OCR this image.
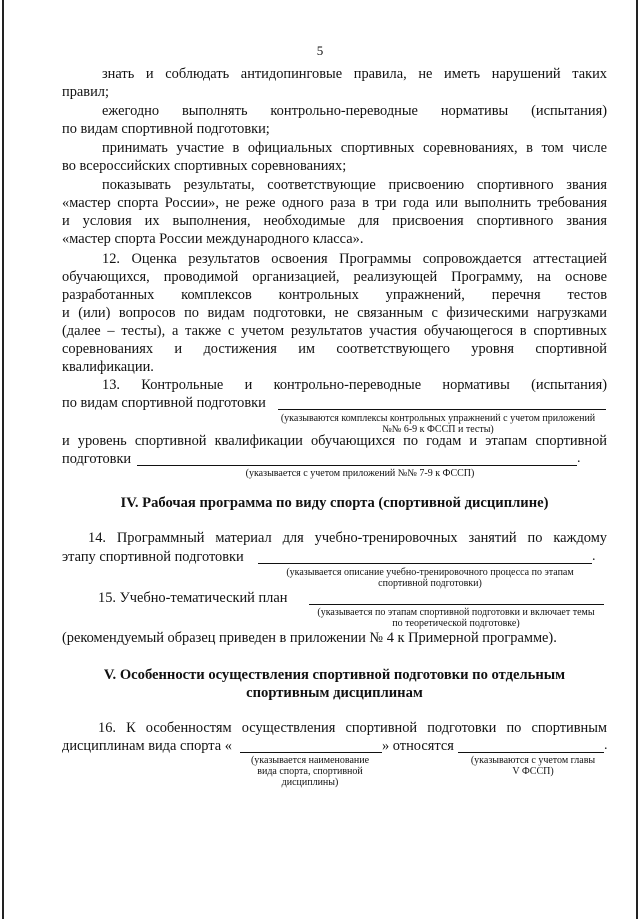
5
знать и соблюдать антидопинговые правила, не иметь нарушений таких
правил;
ежегодно выполнять контрольно-переводные нормативы (испытания)
по видам спортивной подготовки;
принимать участие в официальных спортивных соревнованиях, в том числе
во всероссийских спортивных соревнованиях;
показывать результаты, соответствующие присвоению спортивного звания
«мастер спорта России», не реже одного раза в три года или выполнить требования
и условия их выполнения, необходимые для присвоения спортивного звания
«мастер спорта России международного класса».
12. Оценка результатов освоения Программы сопровождается аттестацией
обучающихся, проводимой организацией, реализующей Программу, на основе
разработанных комплексов контрольных упражнений, перечня тестов
и (или) вопросов по видам подготовки, не связанным с физическими нагрузками
(далее – тесты), а также с учетом результатов участия обучающегося в спортивных
соревнованиях и достижения им соответствующего уровня спортивной
квалификации.
13. Контрольные и контрольно-переводные нормативы (испытания)
по видам спортивной подготовки
(указываются комплексы контрольных упражнений с учетом приложений
№№ 6-9 к ФССП и тесты)
и уровень спортивной квалификации обучающихся по годам и этапам спортивной
подготовки	.
(указывается с учетом приложений №№ 7-9 к ФССП)
IV. Рабочая программа по виду спорта (спортивной дисциплине)
14. Программный материал для учебно-тренировочных занятий по каждому
этапу спортивной подготовки	.
(указывается описание учебно-тренировочного процесса по этапам
спортивной подготовки)
15. Учебно-тематический план
(указывается по этапам спортивной подготовки и включает темы
по теоретической подготовке)
(рекомендуемый образец приведен в приложении № 4 к Примерной программе).
V. Особенности осуществления спортивной подготовки по отдельным
спортивным дисциплинам
16. К особенностям осуществления спортивной подготовки по спортивным
дисциплинам вида спорта «	» относятся	.
(указывается наименование
вида спорта, спортивной
дисциплины)
(указываются с учетом главы
V ФССП)
